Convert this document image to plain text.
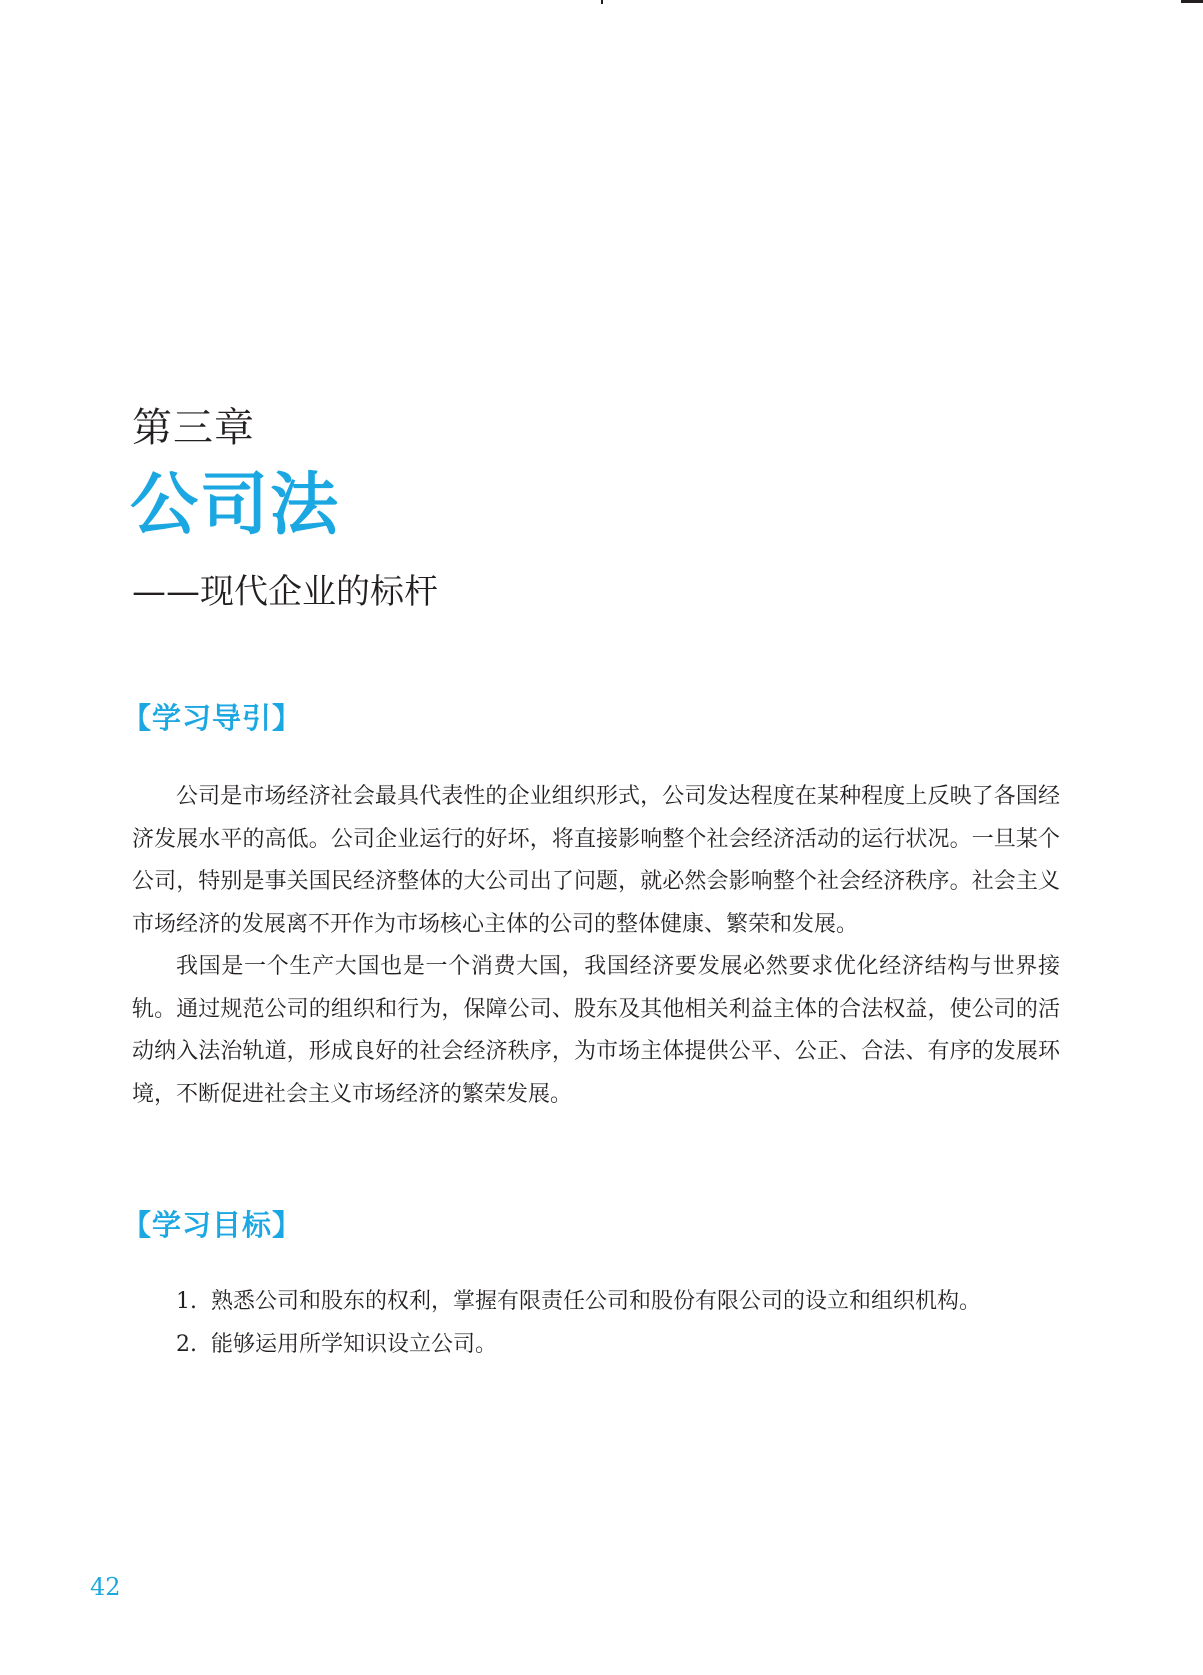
第三章
公司法
——现代企业的标杆
【学习导引】

公司是市场经济社会最具代表性的企业组织形式，公司发达程度在某种程度上反映了各国经济发展水平的高低。公司企业运行的好坏，将直接影响整个社会经济活动的运行状况。一旦某个公司，特别是事关国民经济整体的大公司出了问题，就必然会影响整个社会经济秩序。社会主义市场经济的发展离不开作为市场核心主体的公司的整体健康、繁荣和发展。

我国是一个生产大国也是一个消费大国，我国经济要发展必然要求优化经济结构与世界接轨。通过规范公司的组织和行为，保障公司、股东及其他相关利益主体的合法权益，使公司的活动纳入法治轨道，形成良好的社会经济秩序，为市场主体提供公平、公正、合法、有序的发展环境，不断促进社会主义市场经济的繁荣发展。

【学习目标】
1. 熟悉公司和股东的权利，掌握有限责任公司和股份有限公司的设立和组织机构。
2. 能够运用所学知识设立公司。
42
